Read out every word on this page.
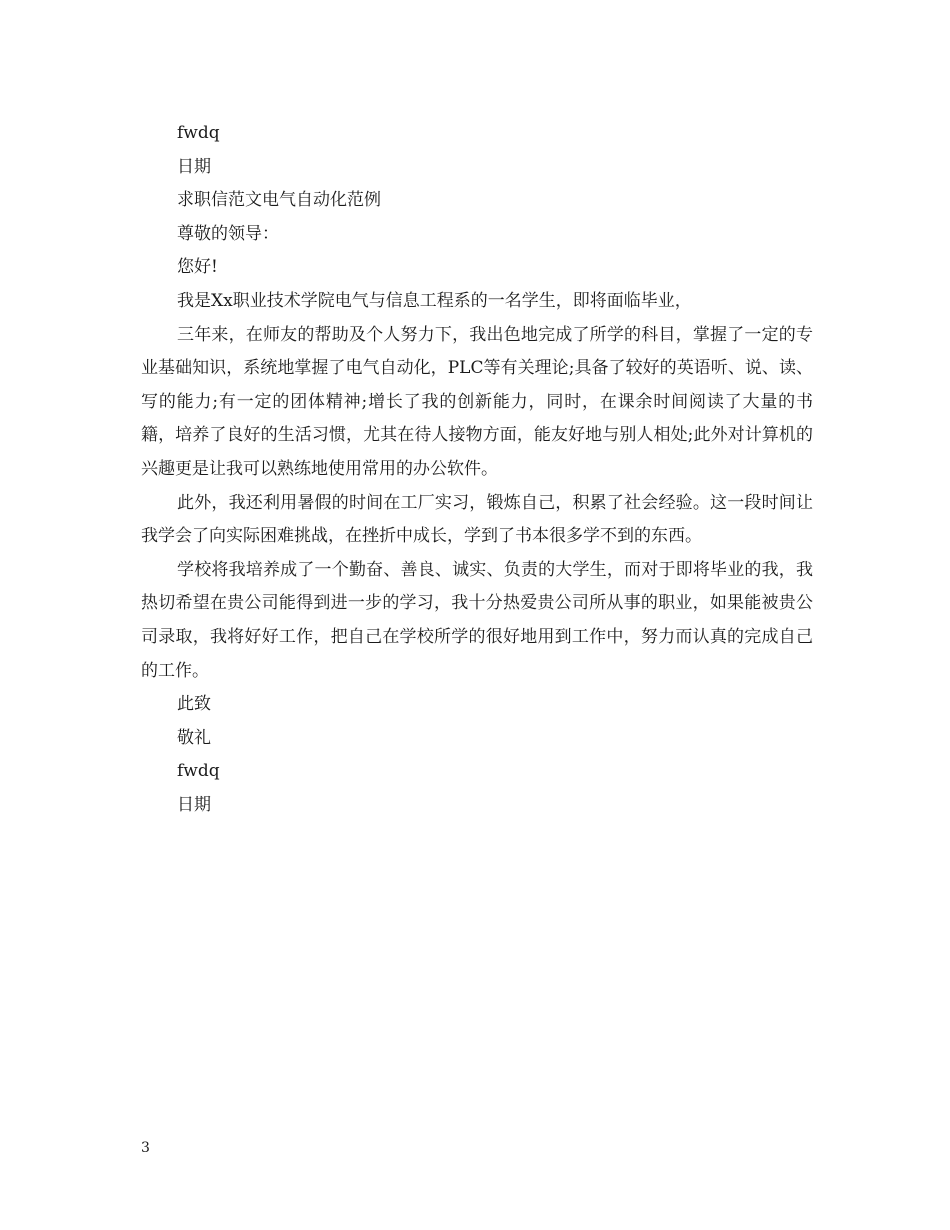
fwdq

日期

求职信范文电气自动化范例

尊敬的领导：

您好!

我是Xx职业技术学院电气与信息工程系的一名学生，即将面临毕业，

三年来，在师友的帮助及个人努力下，我出色地完成了所学的科目，掌握了一定的专业基础知识，系统地掌握了电气自动化，PLC等有关理论;具备了较好的英语听、说、读、写的能力;有一定的团体精神;增长了我的创新能力，同时，在课余时间阅读了大量的书籍，培养了良好的生活习惯，尤其在待人接物方面，能友好地与别人相处;此外对计算机的兴趣更是让我可以熟练地使用常用的办公软件。

此外，我还利用暑假的时间在工厂实习，锻炼自己，积累了社会经验。这一段时间让我学会了向实际困难挑战，在挫折中成长，学到了书本很多学不到的东西。

学校将我培养成了一个勤奋、善良、诚实、负责的大学生，而对于即将毕业的我，我热切希望在贵公司能得到进一步的学习，我十分热爱贵公司所从事的职业，如果能被贵公司录取，我将好好工作，把自己在学校所学的很好地用到工作中，努力而认真的完成自己的工作。

此致

敬礼

fwdq

日期

3
